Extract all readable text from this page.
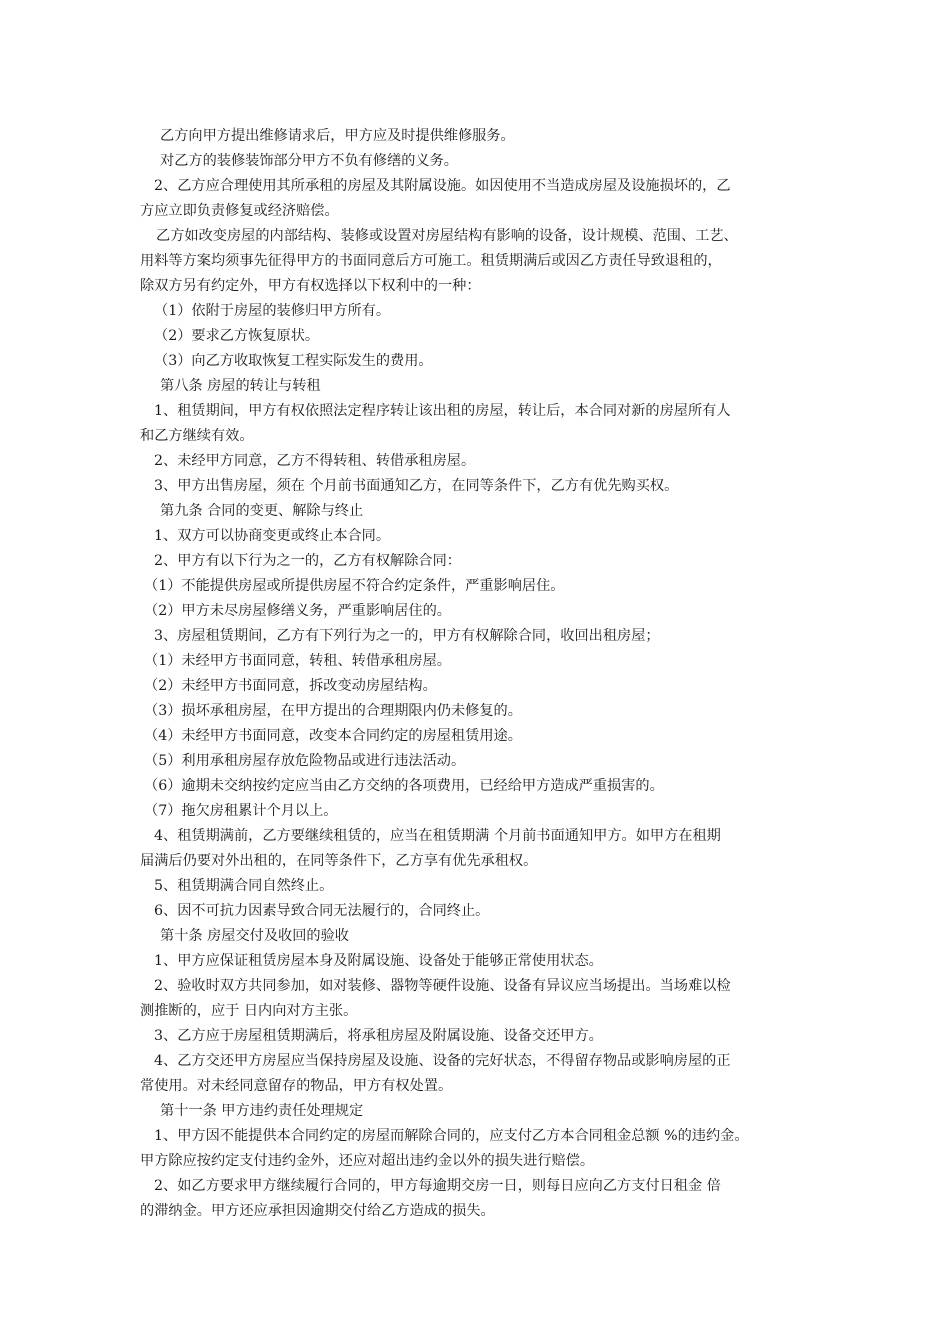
乙方向甲方提出维修请求后，甲方应及时提供维修服务。
对乙方的装修装饰部分甲方不负有修缮的义务。
2、乙方应合理使用其所承租的房屋及其附属设施。如因使用不当造成房屋及设施损坏的，乙
方应立即负责修复或经济赔偿。
乙方如改变房屋的内部结构、装修或设置对房屋结构有影响的设备，设计规模、范围、工艺、
用料等方案均须事先征得甲方的书面同意后方可施工。租赁期满后或因乙方责任导致退租的，
除双方另有约定外，甲方有权选择以下权利中的一种：
（1）依附于房屋的装修归甲方所有。
（2）要求乙方恢复原状。
（3）向乙方收取恢复工程实际发生的费用。
第八条 房屋的转让与转租
1、租赁期间，甲方有权依照法定程序转让该出租的房屋，转让后，本合同对新的房屋所有人
和乙方继续有效。
2、未经甲方同意，乙方不得转租、转借承租房屋。
3、甲方出售房屋，须在 个月前书面通知乙方，在同等条件下，乙方有优先购买权。
第九条 合同的变更、解除与终止
1、双方可以协商变更或终止本合同。
2、甲方有以下行为之一的，乙方有权解除合同：
（1）不能提供房屋或所提供房屋不符合约定条件，严重影响居住。
（2）甲方未尽房屋修缮义务，严重影响居住的。
3、房屋租赁期间，乙方有下列行为之一的，甲方有权解除合同，收回出租房屋；
（1）未经甲方书面同意，转租、转借承租房屋。
（2）未经甲方书面同意，拆改变动房屋结构。
（3）损坏承租房屋，在甲方提出的合理期限内仍未修复的。
（4）未经甲方书面同意，改变本合同约定的房屋租赁用途。
（5）利用承租房屋存放危险物品或进行违法活动。
（6）逾期未交纳按约定应当由乙方交纳的各项费用，已经给甲方造成严重损害的。
（7）拖欠房租累计个月以上。
4、租赁期满前，乙方要继续租赁的，应当在租赁期满 个月前书面通知甲方。如甲方在租期
届满后仍要对外出租的，在同等条件下，乙方享有优先承租权。
5、租赁期满合同自然终止。
6、因不可抗力因素导致合同无法履行的，合同终止。
第十条 房屋交付及收回的验收
1、甲方应保证租赁房屋本身及附属设施、设备处于能够正常使用状态。
2、验收时双方共同参加，如对装修、器物等硬件设施、设备有异议应当场提出。当场难以检
测推断的，应于 日内向对方主张。
3、乙方应于房屋租赁期满后，将承租房屋及附属设施、设备交还甲方。
4、乙方交还甲方房屋应当保持房屋及设施、设备的完好状态，不得留存物品或影响房屋的正
常使用。对未经同意留存的物品，甲方有权处置。
第十一条 甲方违约责任处理规定
1、甲方因不能提供本合同约定的房屋而解除合同的，应支付乙方本合同租金总额 %的违约金。
甲方除应按约定支付违约金外，还应对超出违约金以外的损失进行赔偿。
2、如乙方要求甲方继续履行合同的，甲方每逾期交房一日，则每日应向乙方支付日租金 倍
的滞纳金。甲方还应承担因逾期交付给乙方造成的损失。
